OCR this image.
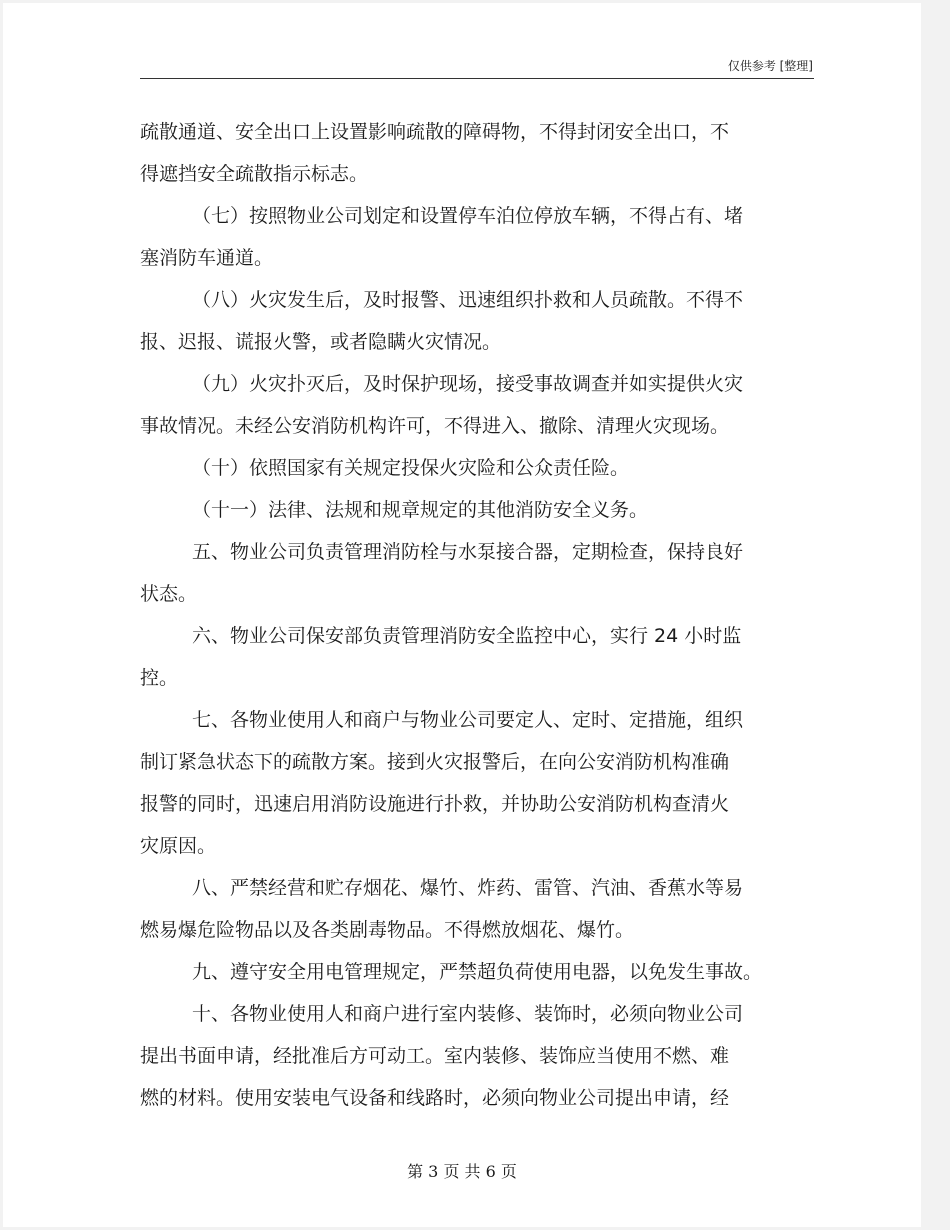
仅供参考 [整理]
疏散通道、安全出口上设置影响疏散的障碍物，不得封闭安全出口，不
得遮挡安全疏散指示标志。
（七）按照物业公司划定和设置停车泊位停放车辆，不得占有、堵
塞消防车通道。
（八）火灾发生后，及时报警、迅速组织扑救和人员疏散。不得不
报、迟报、谎报火警，或者隐瞒火灾情况。
（九）火灾扑灭后，及时保护现场，接受事故调查并如实提供火灾
事故情况。未经公安消防机构许可，不得进入、撤除、清理火灾现场。
（十）依照国家有关规定投保火灾险和公众责任险。
（十一）法律、法规和规章规定的其他消防安全义务。
五、物业公司负责管理消防栓与水泵接合器，定期检查，保持良好
状态。
六、物业公司保安部负责管理消防安全监控中心，实行 24 小时监
控。
七、各物业使用人和商户与物业公司要定人、定时、定措施，组织
制订紧急状态下的疏散方案。接到火灾报警后，在向公安消防机构准确
报警的同时，迅速启用消防设施进行扑救，并协助公安消防机构查清火
灾原因。
八、严禁经营和贮存烟花、爆竹、炸药、雷管、汽油、香蕉水等易
燃易爆危险物品以及各类剧毒物品。不得燃放烟花、爆竹。
九、遵守安全用电管理规定，严禁超负荷使用电器，以免发生事故。
十、各物业使用人和商户进行室内装修、装饰时，必须向物业公司
提出书面申请，经批准后方可动工。室内装修、装饰应当使用不燃、难
燃的材料。使用安装电气设备和线路时，必须向物业公司提出申请，经
第 3 页 共 6 页
